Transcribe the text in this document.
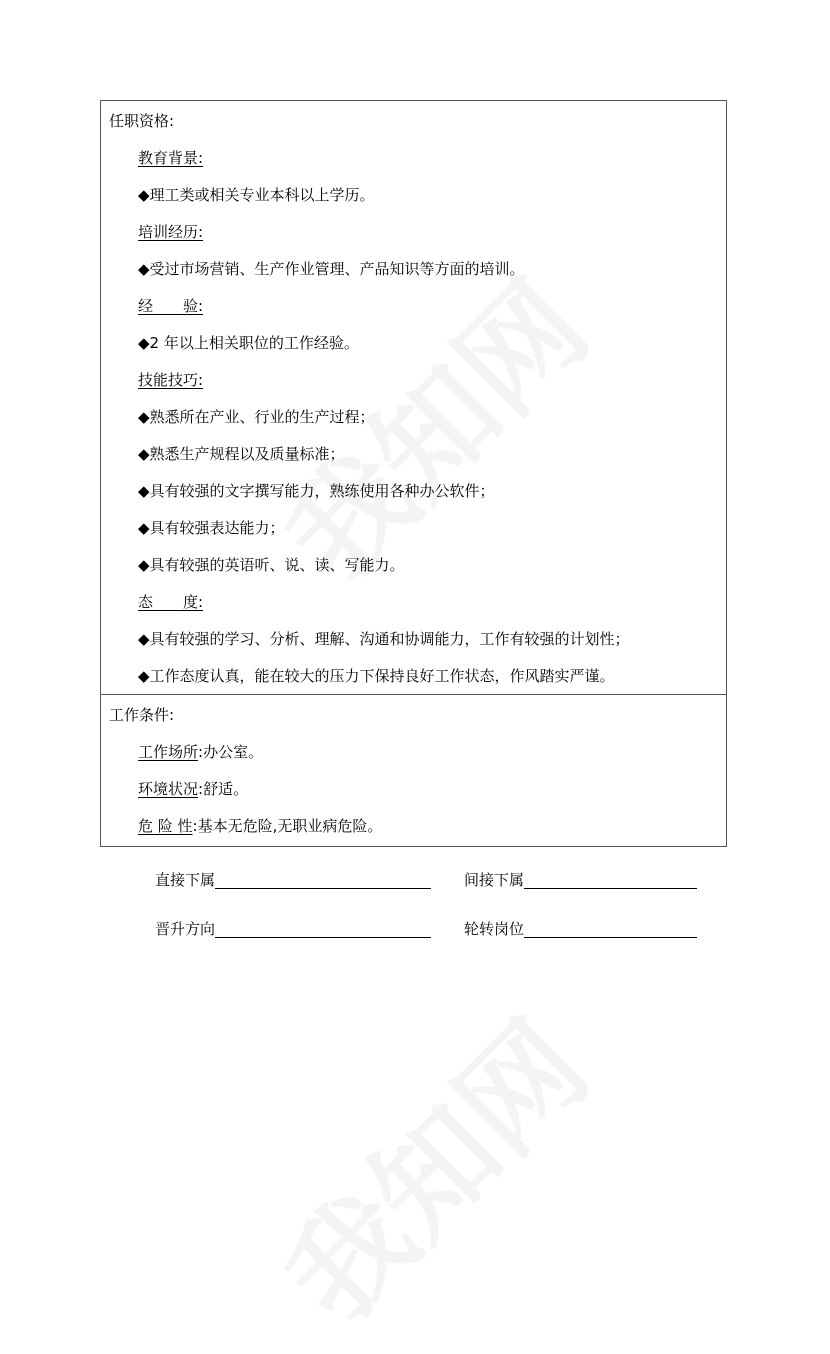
任职资格:
教育背景:
◆理工类或相关专业本科以上学历。
培训经历:
◆受过市场营销、生产作业管理、产品知识等方面的培训。
经　　验:
◆2 年以上相关职位的工作经验。
技能技巧:
◆熟悉所在产业、行业的生产过程；
◆熟悉生产规程以及质量标准；
◆具有较强的文字撰写能力，熟练使用各种办公软件；
◆具有较强表达能力；
◆具有较强的英语听、说、读、写能力。
态　　度:
◆具有较强的学习、分析、理解、沟通和协调能力，工作有较强的计划性；
◆工作态度认真，能在较大的压力下保持良好工作状态，作风踏实严谨。
工作条件:
工作场所:办公室。
环境状况:舒适。
危 险 性:基本无危险,无职业病危险。
直接下属	间接下属
晋升方向	轮转岗位
